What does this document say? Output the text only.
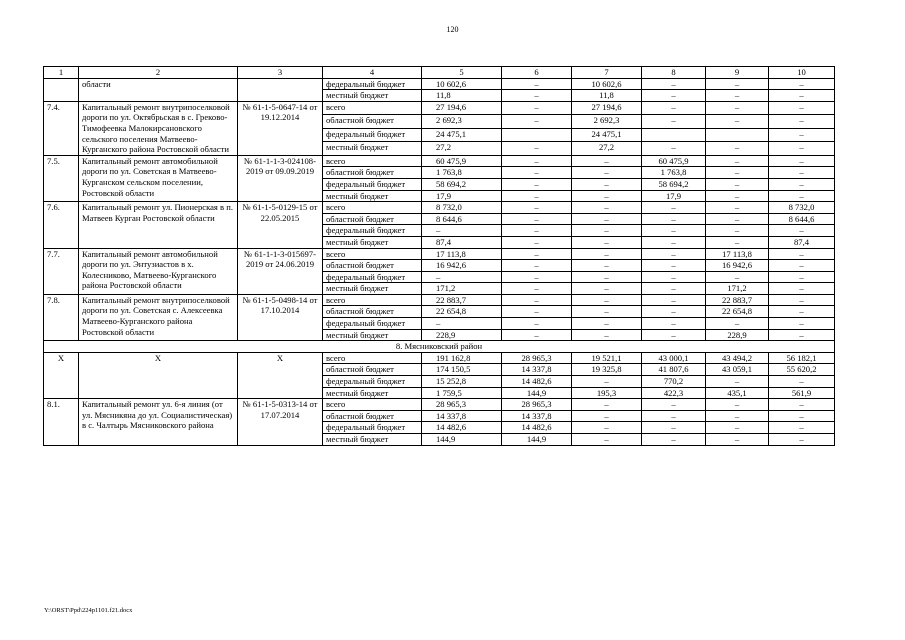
120
1	2	3	4	5	6	7	8	9	10
	области		федеральный бюджет	10 602,6	–	10 602,6	–	–	–
			местный бюджет	11,8	–	11,8	–	–	–
7.4.	Капитальный ремонт внутрипоселковой дороги по ул. Октябрьская в с. Греково-Тимофеевка Малокирсановского сельского поселения Матвеево-Курганского района Ростовской области	№ 61-1-5-0647-14 от 19.12.2014	всего	27 194,6	–	27 194,6	–	–	–
			областной бюджет	2 692,3	–	2 692,3	–	–	–
			федеральный бюджет	24 475,1		24 475,1			–
			местный бюджет	27,2	–	27,2	–	–	–
7.5.	Капитальный ремонт автомобильной дороги по ул. Советская в Матвеево-Курганском сельском поселении, Ростовской области	№ 61-1-1-3-024108-2019 от 09.09.2019	всего	60 475,9	–	–	60 475,9	–	–
			областной бюджет	1 763,8	–	–	1 763,8	–	–
			федеральный бюджет	58 694,2	–	–	58 694,2	–	–
			местный бюджет	17,9	–	–	17,9	–	–
7.6.	Капитальный ремонт ул. Пионерская в п. Матвеев Курган Ростовской области	№ 61-1-5-0129-15 от 22.05.2015	всего	8 732,0	–	–	–	–	8 732,0
			областной бюджет	8 644,6	–	–	–	–	8 644,6
			федеральный бюджет	–	–	–	–	–	–
			местный бюджет	87,4	–	–	–	–	87,4
7.7.	Капитальный ремонт автомобильной дороги по ул. Энтузиастов в х. Колесниково, Матвеево-Курганского района Ростовской области	№ 61-1-1-3-015697-2019 от 24.06.2019	всего	17 113,8	–	–	–	17 113,8	–
			областной бюджет	16 942,6	–	–	–	16 942,6	–
			федеральный бюджет	–	–	–	–	–	–
			местный бюджет	171,2	–	–	–	171,2	–
7.8.	Капитальный ремонт внутрипоселковой дороги по ул. Советская с. Алексеевка Матвеево-Курганского района Ростовской области	№ 61-1-5-0498-14 от 17.10.2014	всего	22 883,7	–	–	–	22 883,7	–
			областной бюджет	22 654,8	–	–	–	22 654,8	–
			федеральный бюджет	–	–	–	–	–	–
			местный бюджет	228,9	–	–	–	228,9	–
8. Мясниковский район									
Х	Х	Х	всего	191 162,8	28 965,3	19 521,1	43 000,1	43 494,2	56 182,1
			областной бюджет	174 150,5	14 337,8	19 325,8	41 807,6	43 059,1	55 620,2
			федеральный бюджет	15 252,8	14 482,6	–	770,2	–	–
			местный бюджет	1 759,5	144,9	195,3	422,3	435,1	561,9
8.1.	Капитальный ремонт ул. 6-я линия (от ул. Мясникяна до ул. Социалистическая) в с. Чалтырь Мясниковского района	№ 61-1-5-0313-14 от 17.07.2014	всего	28 965,3	28 965,3	–	–	–	–
			областной бюджет	14 337,8	14 337,8	–	–	–	–
			федеральный бюджет	14 482,6	14 482,6	–	–	–	–
			местный бюджет	144,9	144,9	–	–	–	–
Y:\ORST\Ppd\224p1101.f21.docx
